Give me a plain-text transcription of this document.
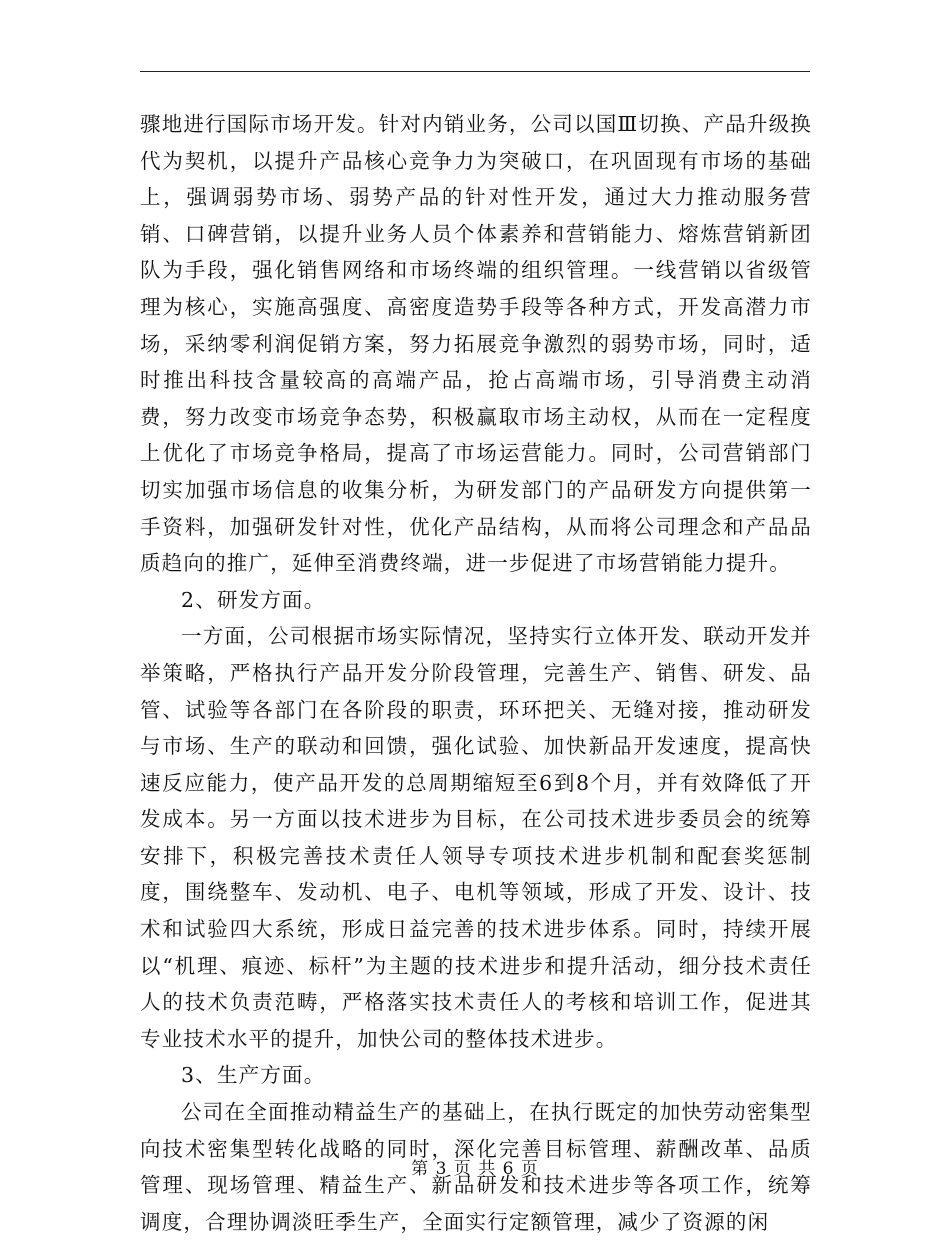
骤地进行国际市场开发。针对内销业务，公司以国Ⅲ切换、产品升级换代为契机，以提升产品核心竞争力为突破口，在巩固现有市场的基础上，强调弱势市场、弱势产品的针对性开发，通过大力推动服务营销、口碑营销，以提升业务人员个体素养和营销能力、熔炼营销新团队为手段，强化销售网络和市场终端的组织管理。一线营销以省级管理为核心，实施高强度、高密度造势手段等各种方式，开发高潜力市场，采纳零利润促销方案，努力拓展竞争激烈的弱势市场，同时，适时推出科技含量较高的高端产品，抢占高端市场，引导消费主动消费，努力改变市场竞争态势，积极赢取市场主动权，从而在一定程度上优化了市场竞争格局，提高了市场运营能力。同时，公司营销部门切实加强市场信息的收集分析，为研发部门的产品研发方向提供第一手资料，加强研发针对性，优化产品结构，从而将公司理念和产品品质趋向的推广，延伸至消费终端，进一步促进了市场营销能力提升。

2、研发方面。

一方面，公司根据市场实际情况，坚持实行立体开发、联动开发并举策略，严格执行产品开发分阶段管理，完善生产、销售、研发、品管、试验等各部门在各阶段的职责，环环把关、无缝对接，推动研发与市场、生产的联动和回馈，强化试验、加快新品开发速度，提高快速反应能力，使产品开发的总周期缩短至6到8个月，并有效降低了开发成本。另一方面以技术进步为目标，在公司技术进步委员会的统筹安排下，积极完善技术责任人领导专项技术进步机制和配套奖惩制度，围绕整车、发动机、电子、电机等领域，形成了开发、设计、技术和试验四大系统，形成日益完善的技术进步体系。同时，持续开展以“机理、痕迹、标杆”为主题的技术进步和提升活动，细分技术责任人的技术负责范畴，严格落实技术责任人的考核和培训工作，促进其专业技术水平的提升，加快公司的整体技术进步。

3、生产方面。

公司在全面推动精益生产的基础上，在执行既定的加快劳动密集型向技术密集型转化战略的同时，深化完善目标管理、薪酬改革、品质管理、现场管理、精益生产、新品研发和技术进步等各项工作，统筹调度，合理协调淡旺季生产，全面实行定额管理，减少了资源的闲

第 3 页 共 6 页
